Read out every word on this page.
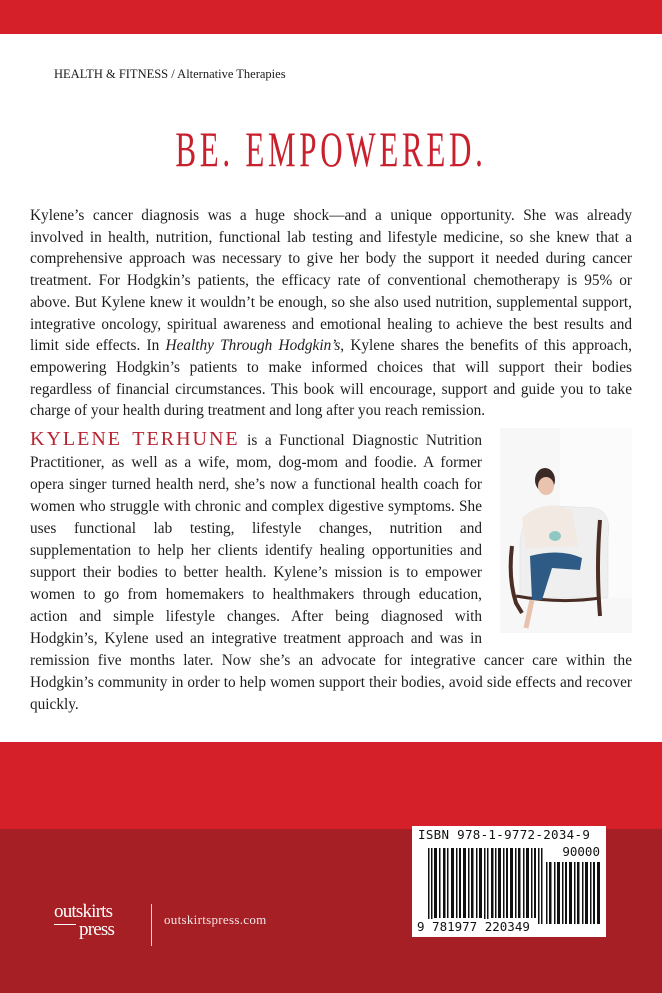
HEALTH & FITNESS / Alternative Therapies
BE. EMPOWERED.
Kylene’s cancer diagnosis was a huge shock—and a unique opportunity. She was already involved in health, nutrition, functional lab testing and lifestyle medicine, so she knew that a comprehensive approach was necessary to give her body the support it needed during cancer treatment. For Hodgkin’s patients, the efficacy rate of conventional chemotherapy is 95% or above. But Kylene knew it wouldn’t be enough, so she also used nutrition, supplemental support, integrative oncology, spiritual awareness and emotional healing to achieve the best results and limit side effects. In Healthy Through Hodgkin’s, Kylene shares the benefits of this approach, empowering Hodgkin’s patients to make informed choices that will support their bodies regardless of financial circumstances. This book will encourage, support and guide you to take charge of your health during treatment and long after you reach remission.
KYLENE TERHUNE is a Functional Diagnostic Nutrition Practitioner, as well as a wife, mom, dog-mom and foodie. A former opera singer turned health nerd, she’s now a functional health coach for women who struggle with chronic and complex digestive symptoms. She uses functional lab testing, lifestyle changes, nutrition and supplementation to help her clients identify healing opportunities and support their bodies to better health. Kylene’s mission is to empower women to go from homemakers to healthmakers through education, action and simple lifestyle changes. After being diagnosed with Hodgkin’s, Kylene used an integrative treatment approach and was in remission five months later. Now she’s an advocate for integrative cancer care within the Hodgkin’s community in order to help women support their bodies, avoid side effects and recover quickly.
ISBN 978-1-9772-2034-9
90000
9 781977 220349
outskirts
press	outskirtspress.com
